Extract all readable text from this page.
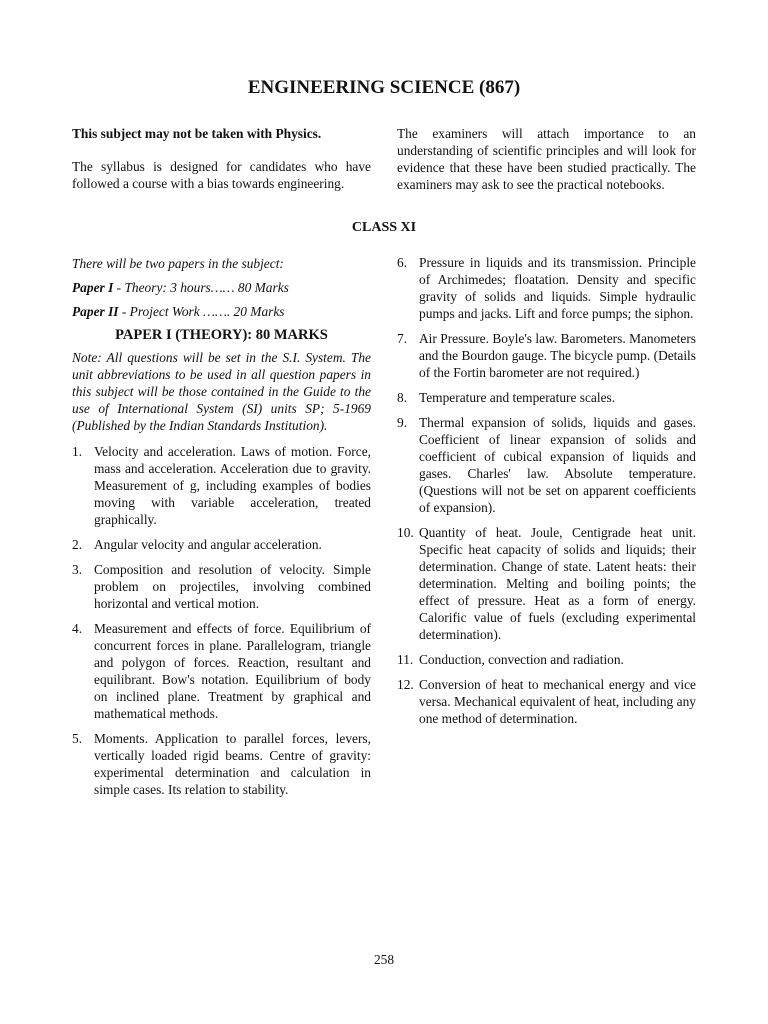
ENGINEERING SCIENCE (867)

This subject may not be taken with Physics.

The syllabus is designed for candidates who have followed a course with a bias towards engineering.

The examiners will attach importance to an understanding of scientific principles and will look for evidence that these have been studied practically. The examiners may ask to see the practical notebooks.

CLASS XI

There will be two papers in the subject:

Paper I - Theory: 3 hours…… 80 Marks

Paper II - Project Work ……. 20 Marks

PAPER I (THEORY): 80 MARKS

Note: All questions will be set in the S.I. System. The unit abbreviations to be used in all question papers in this subject will be those contained in the Guide to the use of International System (SI) units SP; 5-1969 (Published by the Indian Standards Institution).

1. Velocity and acceleration. Laws of motion. Force, mass and acceleration. Acceleration due to gravity. Measurement of g, including examples of bodies moving with variable acceleration, treated graphically.
2. Angular velocity and angular acceleration.
3. Composition and resolution of velocity. Simple problem on projectiles, involving combined horizontal and vertical motion.
4. Measurement and effects of force. Equilibrium of concurrent forces in plane. Parallelogram, triangle and polygon of forces. Reaction, resultant and equilibrant. Bow's notation. Equilibrium of body on inclined plane. Treatment by graphical and mathematical methods.
5. Moments. Application to parallel forces, levers, vertically loaded rigid beams. Centre of gravity: experimental determination and calculation in simple cases. Its relation to stability.
6. Pressure in liquids and its transmission. Principle of Archimedes; floatation. Density and specific gravity of solids and liquids. Simple hydraulic pumps and jacks. Lift and force pumps; the siphon.
7. Air Pressure. Boyle's law. Barometers. Manometers and the Bourdon gauge. The bicycle pump. (Details of the Fortin barometer are not required.)
8. Temperature and temperature scales.
9. Thermal expansion of solids, liquids and gases. Coefficient of linear expansion of solids and coefficient of cubical expansion of liquids and gases. Charles' law. Absolute temperature. (Questions will not be set on apparent coefficients of expansion).
10. Quantity of heat. Joule, Centigrade heat unit. Specific heat capacity of solids and liquids; their determination. Change of state. Latent heats: their determination. Melting and boiling points; the effect of pressure. Heat as a form of energy. Calorific value of fuels (excluding experimental determination).
11. Conduction, convection and radiation.
12. Conversion of heat to mechanical energy and vice versa. Mechanical equivalent of heat, including any one method of determination.

258
